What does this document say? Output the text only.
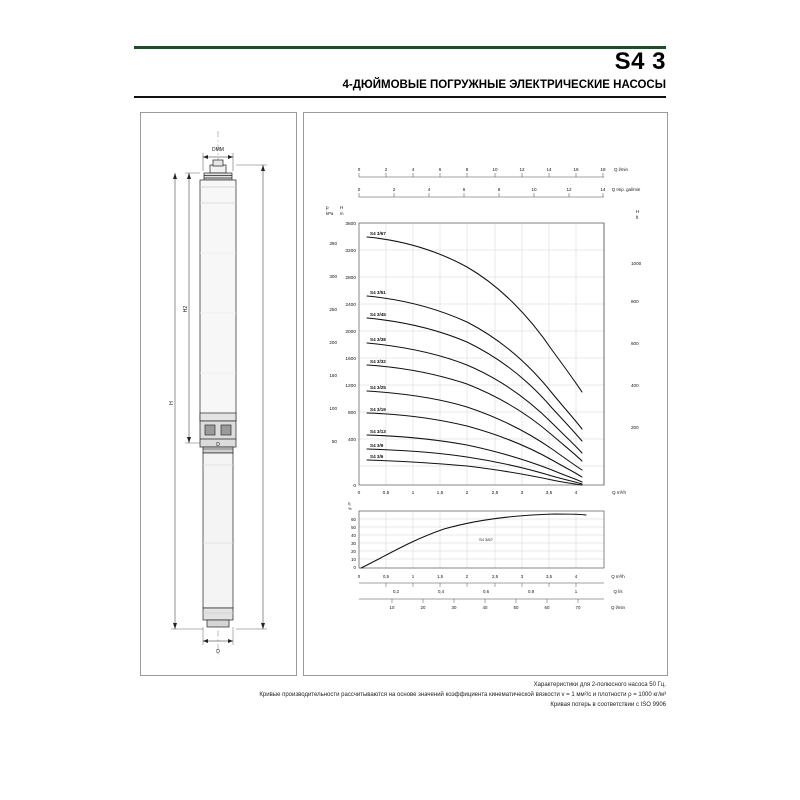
S4 3
4-ДЮЙМОВЫЕ ПОГРУЖНЫЕ ЭЛЕКТРИЧЕСКИЕ НАСОСЫ
DMM
H2
H
D
D
0	2	4	6	8	10	12	14	16	18 Q l/min
0	2	4	6	8	10	12	14 Q Imp. gal/min
3600
3200
2800
2400
2000
1600
1200
800
400
0
H
m
350
300
250
200
150
100
50
p
kPa
1000
800
600
400
200
H
ft
0	0,5	1	1,5	2	2,5	3	3,5	4	Q m³/h
S4 3/67
S4 3/51
S4 3/45
S4 3/38
S4 3/32
S4 3/25
S4 3/19
S4 3/13
S4 3/9
S4 3/6
60
50
40
30
20
10
0
η
%
S4 3/67
0	0,5	1	1,5	2	2,5	3	3,5	4	Q m³/h
0,2	0,4	0,6	0,8	1	Q l/s
10	20	30	40	50	60	70	Q l/min
Характеристики для 2-полюсного насоса 50 Гц.
Кривые производительности рассчитываются на основе значений коэффициента кинематической вязкости v = 1 мм²/с и плотности ρ = 1000 кг/м³
Кривая потерь в соответствии с ISO 9906
